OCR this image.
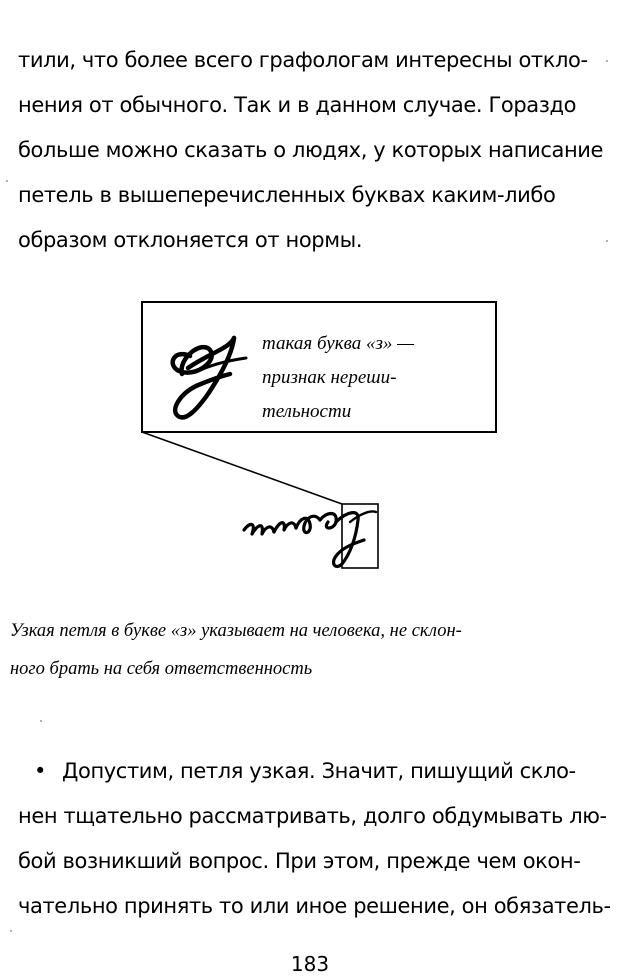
тили, что более всего графологам интересны откло-
нения от обычного. Так и в данном случае. Гораздо
больше можно сказать о людях, у которых написание
петель в вышеперечисленных буквах каким-либо
образом отклоняется от нормы.
такая буква «з» —
признак нереши-
тельности
Узкая петля в букве «з» указывает на человека, не склон-
ного брать на себя ответственность
• Допустим, петля узкая. Значит, пишущий скло-
нен тщательно рассматривать, долго обдумывать лю-
бой возникший вопрос. При этом, прежде чем окон-
чательно принять то или иное решение, он обязатель-
183
